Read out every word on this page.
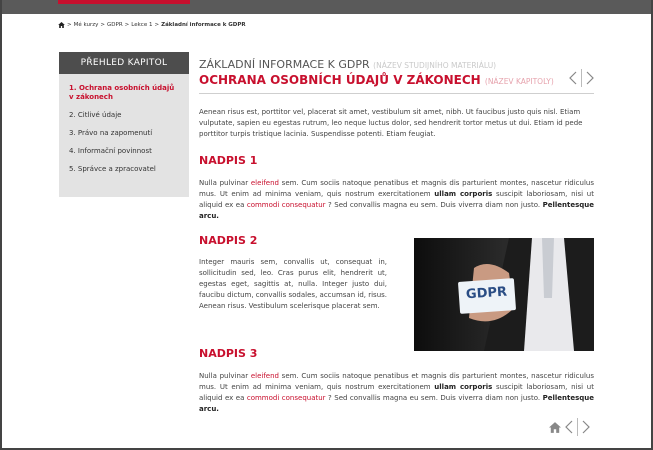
> Mé kurzy > GDPR > Lekce 1 > Základní informace k GDPR
PŘEHLED KAPITOL
1. Ochrana osobních údajů v zákonech
2. Citlivé údaje
3. Právo na zapomenutí
4. Informační povinnost
5. Správce a zpracovatel
ZÁKLADNÍ INFORMACE K GDPR (NÁZEV STUDIJNÍHO MATERIÁLU)
OCHRANA OSOBNÍCH ÚDAJŮ V ZÁKONECH (NÁZEV KAPITOLY)
Aenean risus est, porttitor vel, placerat sit amet, vestibulum sit amet, nibh. Ut faucibus justo quis nisl. Etiam vulputate, sapien eu egestas rutrum, leo neque luctus dolor, sed hendrerit tortor metus ut dui. Etiam id pede porttitor turpis tristique lacinia. Suspendisse potenti. Etiam feugiat.
NADPIS 1
Nulla pulvinar eleifend sem. Cum sociis natoque penatibus et magnis dis parturient montes, nascetur ridiculus mus. Ut enim ad minima veniam, quis nostrum exercitationem ullam corporis suscipit laboriosam, nisi ut aliquid ex ea commodi consequatur ? Sed convallis magna eu sem. Duis viverra diam non justo. Pellentesque arcu.
NADPIS 2
Integer mauris sem, convallis ut, consequat in, sollicitudin sed, leo. Cras purus elit, hendrerit ut, egestas eget, sagittis at, nulla. Integer justo dui, faucibu dictum, convallis sodales, accumsan id, risus. Aenean risus. Vestibulum scelerisque placerat sem.
GDPR
NADPIS 3
Nulla pulvinar eleifend sem. Cum sociis natoque penatibus et magnis dis parturient montes, nascetur ridiculus mus. Ut enim ad minima veniam, quis nostrum exercitationem ullam corporis suscipit laboriosam, nisi ut aliquid ex ea commodi consequatur ? Sed convallis magna eu sem. Duis viverra diam non justo. Pellentesque arcu.
